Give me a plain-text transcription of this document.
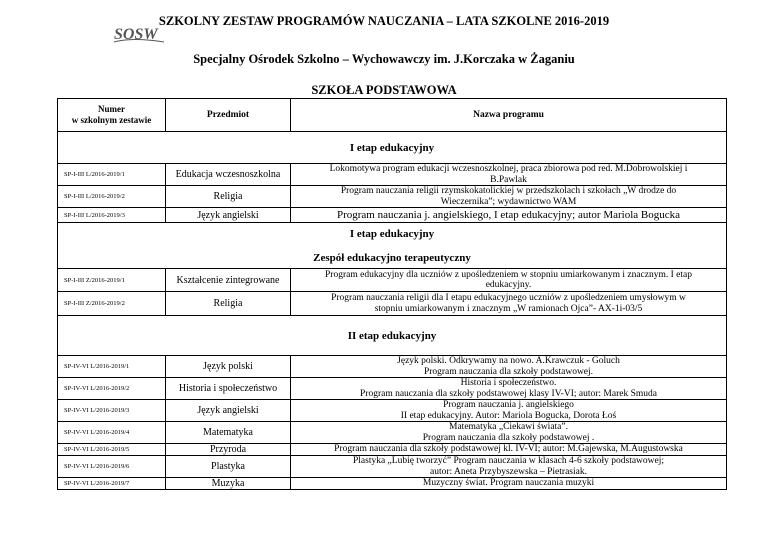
SZKOLNY ZESTAW PROGRAMÓW NAUCZANIA – LATA SZKOLNE 2016-2019
SOSW
Specjalny Ośrodek Szkolno – Wychowawczy im. J.Korczaka w Żaganiu
SZKOŁA PODSTAWOWA
Numer
w szkolnym zestawie	Przedmiot	Nazwa programu
I etap edukacyjny		
SP-I-III L/2016-2019/1	Edukacja wczesnoszkolna	Lokomotywa program edukacji wczesnoszkolnej, praca zbiorowa pod red. M.Dobrowolskiej i
B.Pawlak

SP-I-III L/2016-2019/2	Religia	Program nauczania religii rzymskokatolickiej w przedszkolach i szkołach „W drodze do
Wieczernika”; wydawnictwo WAM

SP-I-III L/2016-2019/3	Język angielski	Program nauczania j. angielskiego, I etap edukacyjny; autor Mariola Bogucka

I etap edukacyjny
Zespół edukacyjno terapeutyczny		

SP-I-III Z/2016-2019/1	Kształcenie zintegrowane	Program edukacyjny dla uczniów z upośledzeniem w stopniu umiarkowanym i znacznym. I etap
edukacyjny.

SP-I-III Z/2016-2019/2	Religia	Program nauczania religii dla I etapu edukacyjnego uczniów z upośledzeniem umysłowym w
stopniu umiarkowanym i znacznym „W ramionach Ojca”- AX-1i-03/5

II etap edukacyjny		
SP-IV-VI L/2016-2019/1	Język polski	Język polski. Odkrywamy na nowo. A.Krawczuk - Goluch
Program nauczania dla szkoły podstawowej.

SP-IV-VI L/2016-2019/2	Historia i społeczeństwo	Historia i społeczeństwo.
Program nauczania dla szkoły podstawowej klasy IV-VI; autor: Marek Smuda

SP-IV-VI L/2016-2019/3	Język angielski	Program nauczania j. angielskiego
II etap edukacyjny. Autor: Mariola Bogucka, Dorota Łoś

SP-IV-VI L/2016-2019/4	Matematyka	Matematyka „Ciekawi świata”.
Program nauczania dla szkoły podstawowej .

SP-IV-VI L/2016-2019/5	Przyroda	Program nauczania dla szkoły podstawowej kl. IV-VI; autor: M.Gajewska, M.Augustowska
SP-IV-VI L/2016-2019/6	Plastyka	Plastyka „Lubię tworzyć” Program nauczania w klasach 4-6 szkoły podstawowej;
autor: Aneta Przybyszewska – Pietrasiak.

SP-IV-VI L/2016-2019/7	Muzyka	Muzyczny świat. Program nauczania muzyki
